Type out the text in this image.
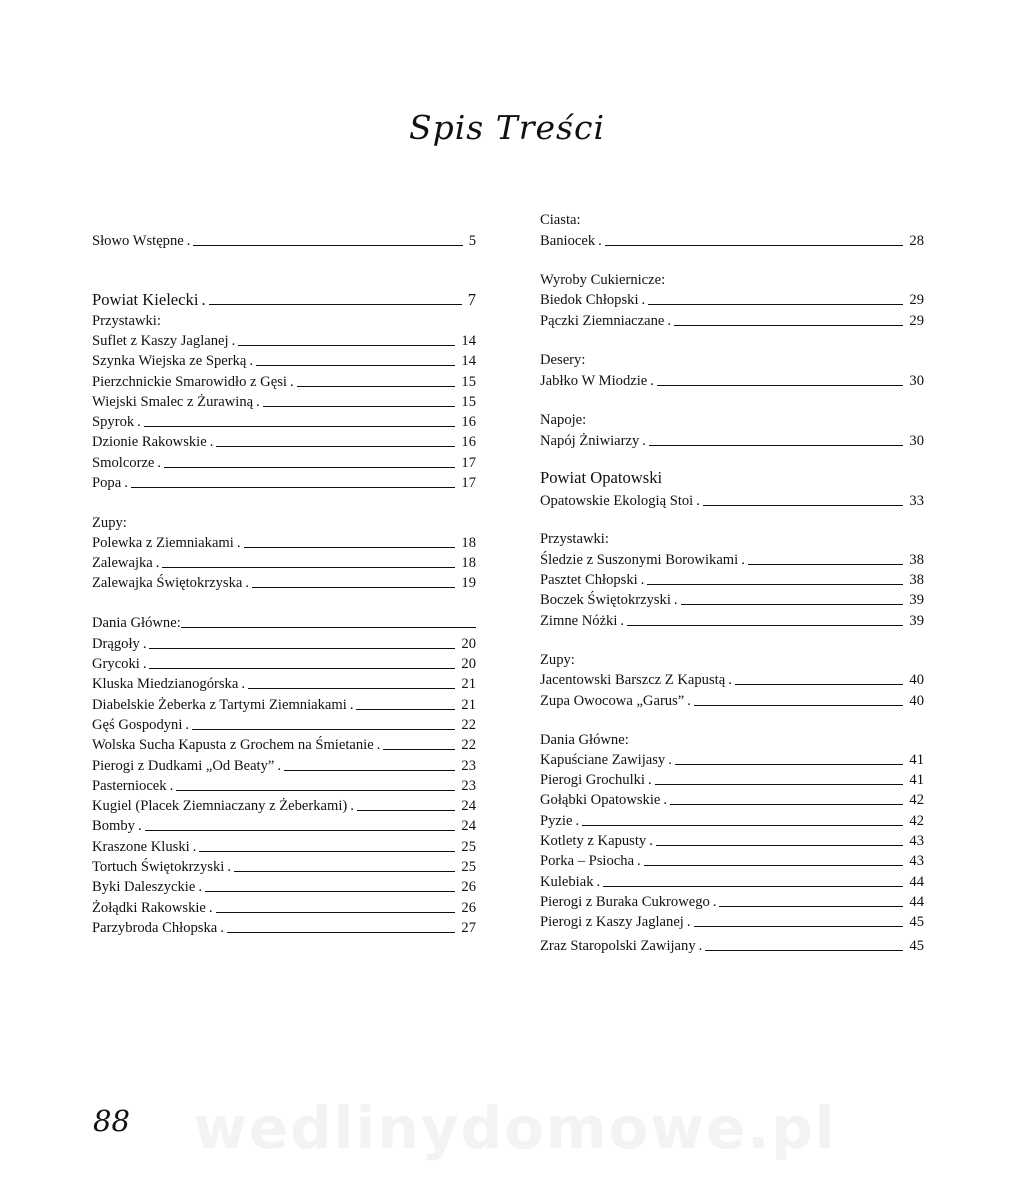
Spis Treści
Słowo Wstępne .	5
Powiat Kielecki .	7
Przystawki:
Suflet z Kaszy Jaglanej .	14
Szynka Wiejska ze Sperką .	14
Pierzchnickie Smarowidło z Gęsi .	15
Wiejski Smalec z Żurawiną .	15
Spyrok .	16
Dzionie Rakowskie .	16
Smolcorze .	17
Popa .	17
Zupy:
Polewka z Ziemniakami .	18
Zalewajka .	18
Zalewajka Świętokrzyska .	19
Dania Główne:
Drągoły .	20
Grycoki .	20
Kluska Miedzianogórska .	21
Diabelskie Żeberka z Tartymi Ziemniakami .	21
Gęś Gospodyni .	22
Wolska Sucha Kapusta z Grochem na Śmietanie .	22
Pierogi z Dudkami „Od Beaty” .	23
Pasterniocek .	23
Kugiel (Placek Ziemniaczany z Żeberkami) .	24
Bomby .	24
Kraszone Kluski .	25
Tortuch Świętokrzyski .	25
Byki Daleszyckie .	26
Żołądki Rakowskie .	26
Parzybroda Chłopska .	27
Ciasta:
Baniocek .	28
Wyroby Cukiernicze:
Biedok Chłopski .	29
Pączki Ziemniaczane .	29
Desery:
Jabłko W Miodzie .	30
Napoje:
Napój Żniwiarzy .	30
Powiat Opatowski
Opatowskie Ekologią Stoi .	33
Przystawki:
Śledzie z Suszonymi Borowikami .	38
Pasztet Chłopski .	38
Boczek Świętokrzyski .	39
Zimne Nóżki .	39
Zupy:
Jacentowski Barszcz Z Kapustą .	40
Zupa Owocowa „Garus” .	40
Dania Główne:
Kapuściane Zawijasy .	41
Pierogi Grochulki .	41
Gołąbki Opatowskie .	42
Pyzie .	42
Kotlety z Kapusty .	43
Porka – Psiocha .	43
Kulebiak .	44
Pierogi z Buraka Cukrowego .	44
Pierogi z Kaszy Jaglanej .	45
Zraz Staropolski Zawijany .	45
wedlinydomowe.pl
88
